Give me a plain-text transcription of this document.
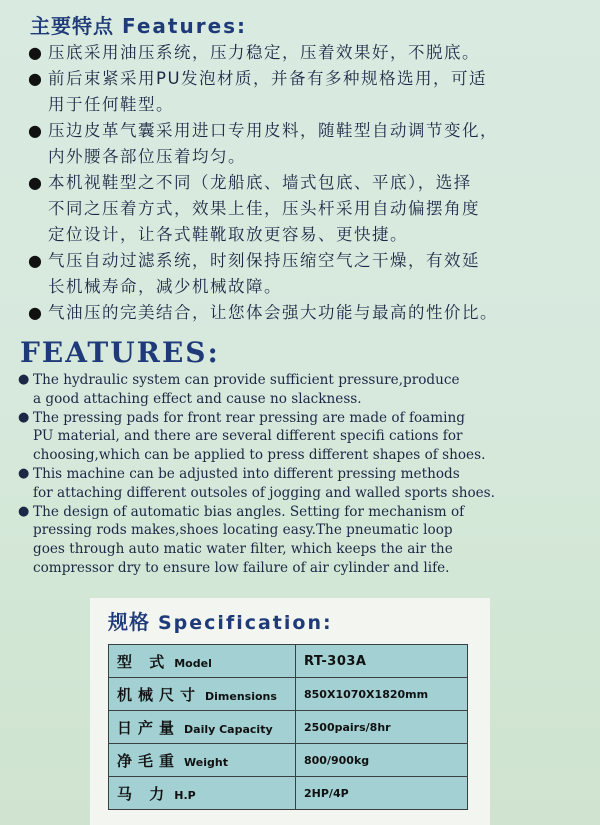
主要特点 Features:
● 压底采用油压系统，压力稳定，压着效果好，不脱底。
● 前后束紧采用PU发泡材质，并备有多种规格选用，可适
用于任何鞋型。
● 压边皮革气囊采用进口专用皮料，随鞋型自动调节变化，
内外腰各部位压着均匀。
● 本机视鞋型之不同（龙船底、墙式包底、平底），选择
不同之压着方式，效果上佳，压头杆采用自动偏摆角度
定位设计，让各式鞋靴取放更容易、更快捷。
● 气压自动过滤系统，时刻保持压缩空气之干燥，有效延
长机械寿命，减少机械故障。
● 气油压的完美结合，让您体会强大功能与最高的性价比。
FEATURES:
● The hydraulic system can provide sufficient pressure,produce
a good attaching effect and cause no slackness.
● The pressing pads for front rear pressing are made of foaming
PU material, and there are several different specifi cations for
choosing,which can be applied to press different shapes of shoes.
● This machine can be adjusted into different pressing methods
for attaching different outsoles of jogging and walled sports shoes.
● The design of automatic bias angles. Setting for mechanism of
pressing rods makes,shoes locating easy.The pneumatic loop
goes through auto matic water filter, which keeps the air the
compressor dry to ensure low failure of air cylinder and life.
规格 Specification:
型 式 Model	RT-303A
机械尺寸 Dimensions	850X1070X1820mm
日产量 Daily Capacity	2500pairs/8hr
净毛重 Weight	800/900kg
马 力 H.P	2HP/4P
